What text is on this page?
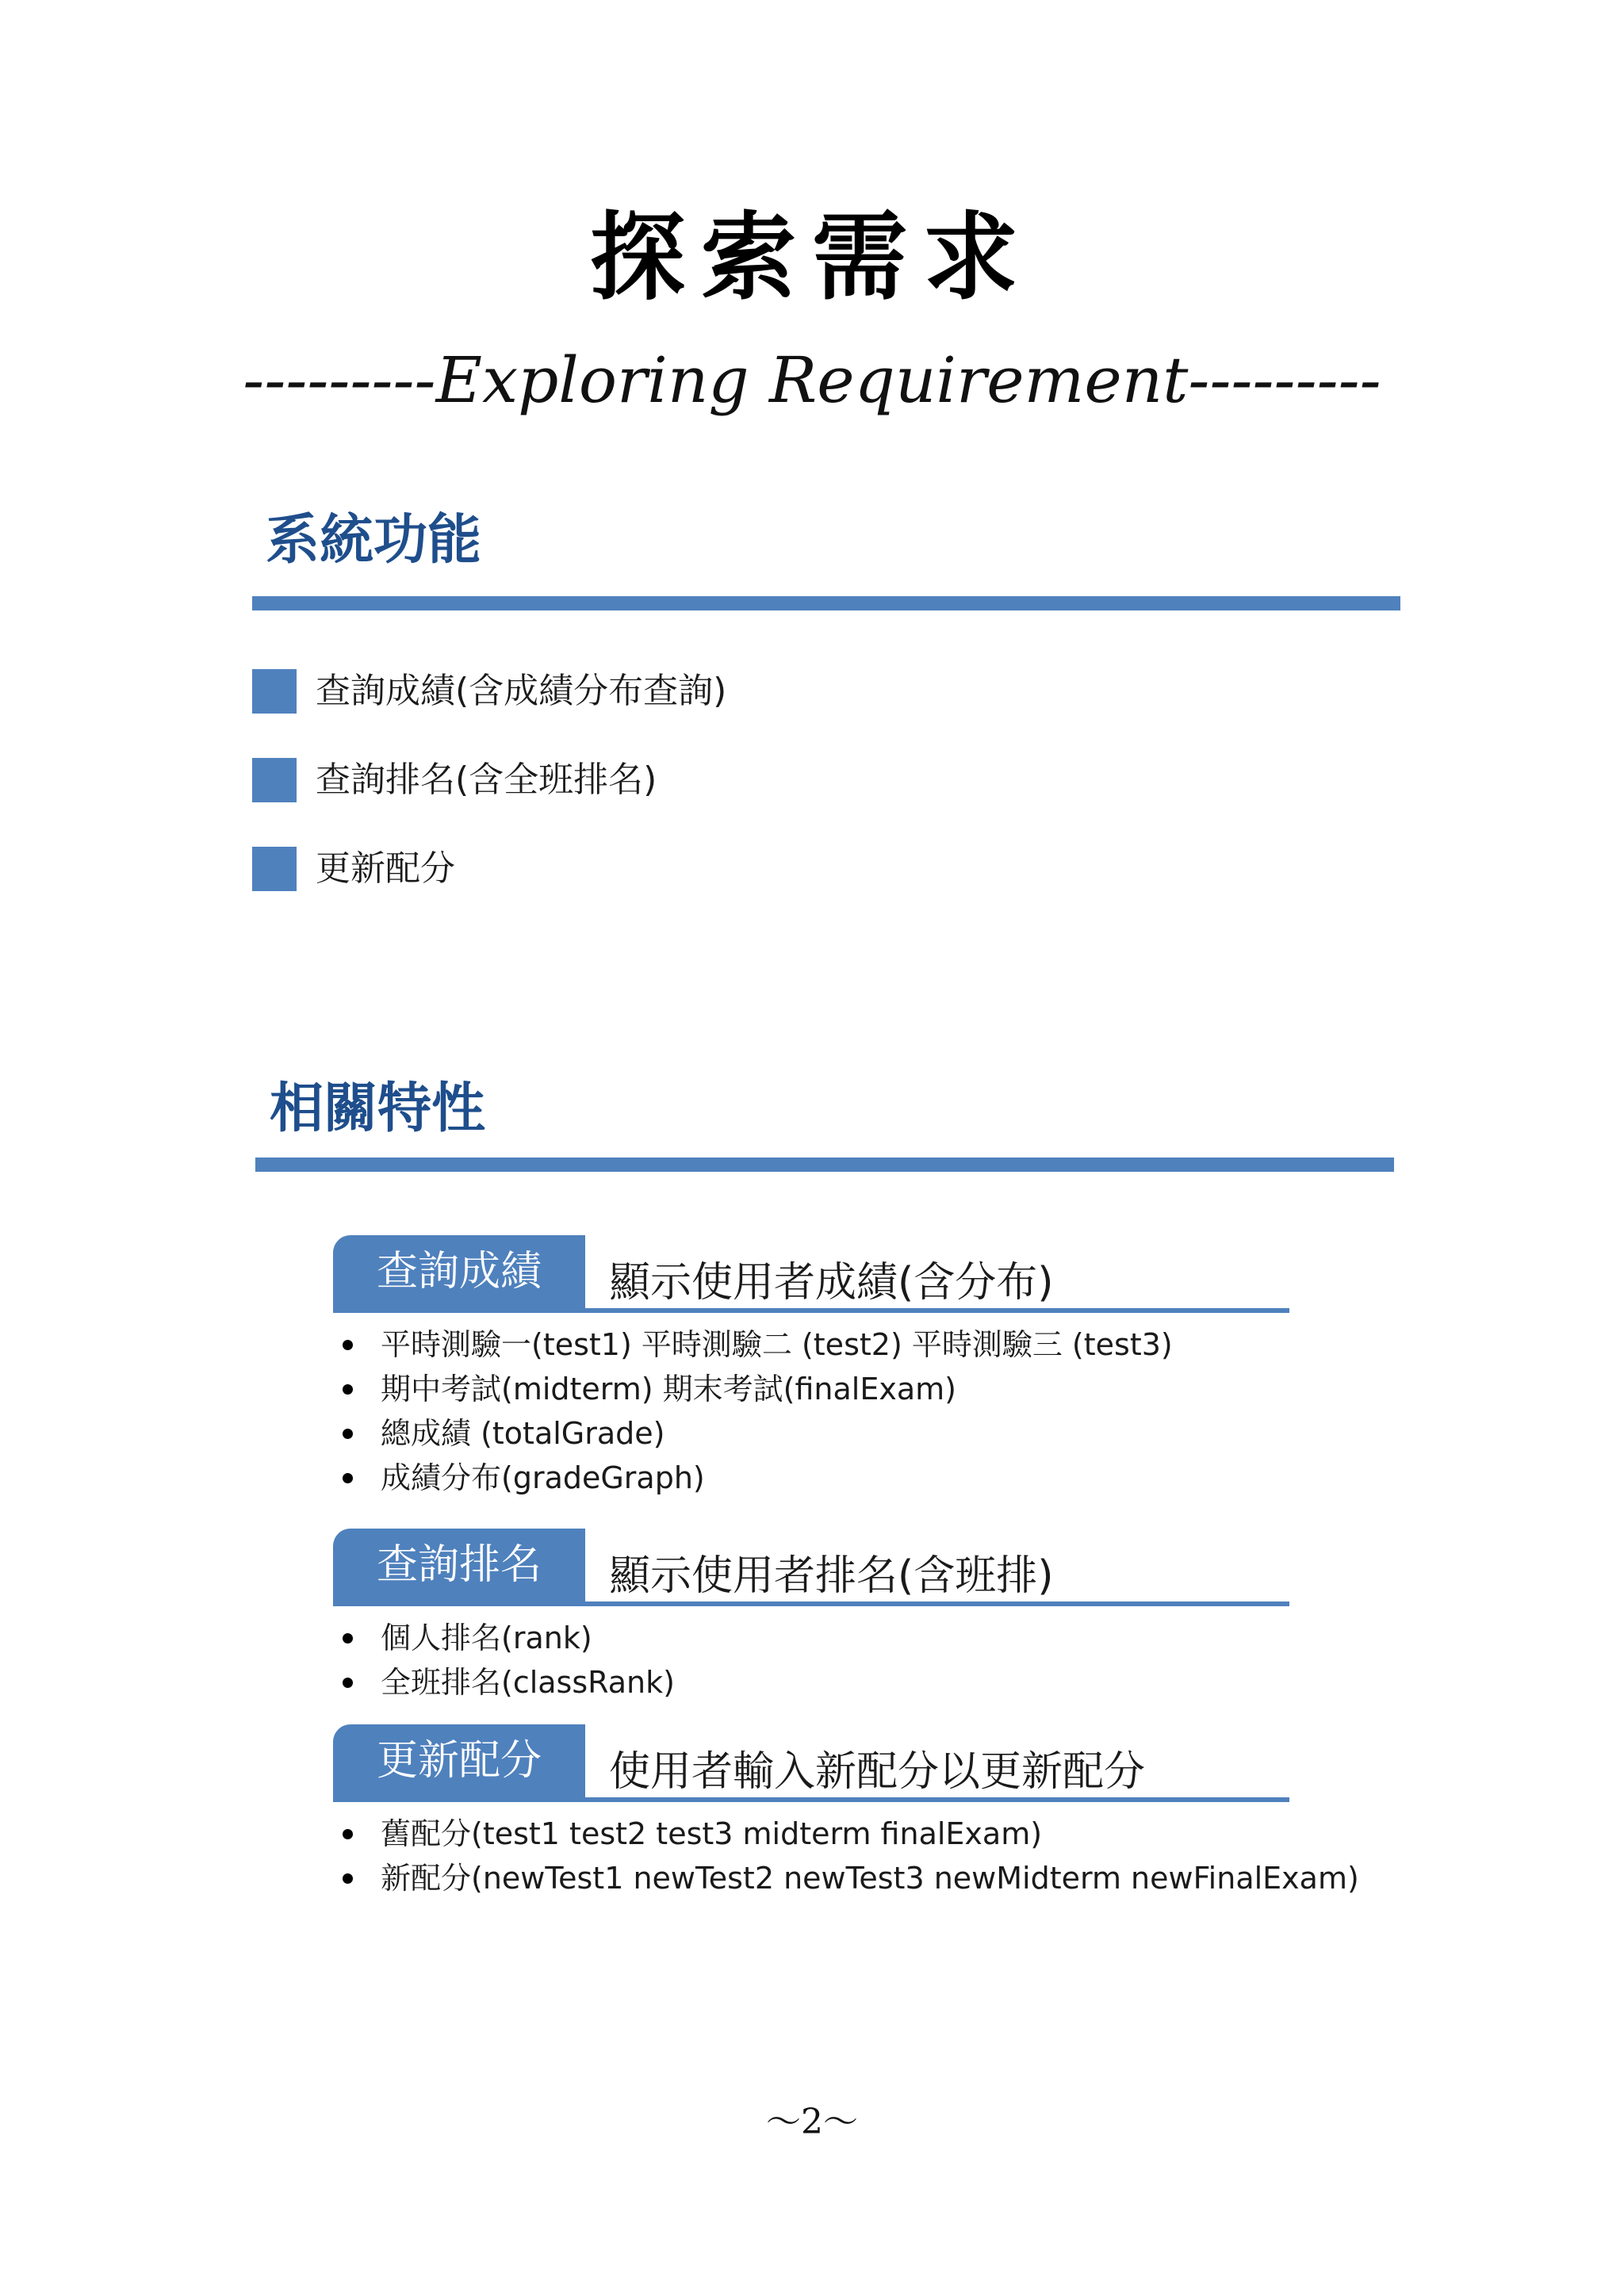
探索需求
---------Exploring Requirement---------
系統功能
查詢成績(含成績分布查詢)
查詢排名(含全班排名)
更新配分
相關特性
查詢成績	顯示使用者成績(含分布)
平時測驗一(test1) 平時測驗二 (test2) 平時測驗三 (test3)
期中考試(midterm) 期末考試(finalExam)
總成績 (totalGrade)
成績分布(gradeGraph)
查詢排名	顯示使用者排名(含班排)
個人排名(rank)
全班排名(classRank)
更新配分	使用者輸入新配分以更新配分
舊配分(test1 test2 test3 midterm finalExam)
新配分(newTest1 newTest2 newTest3 newMidterm newFinalExam)
～2～
